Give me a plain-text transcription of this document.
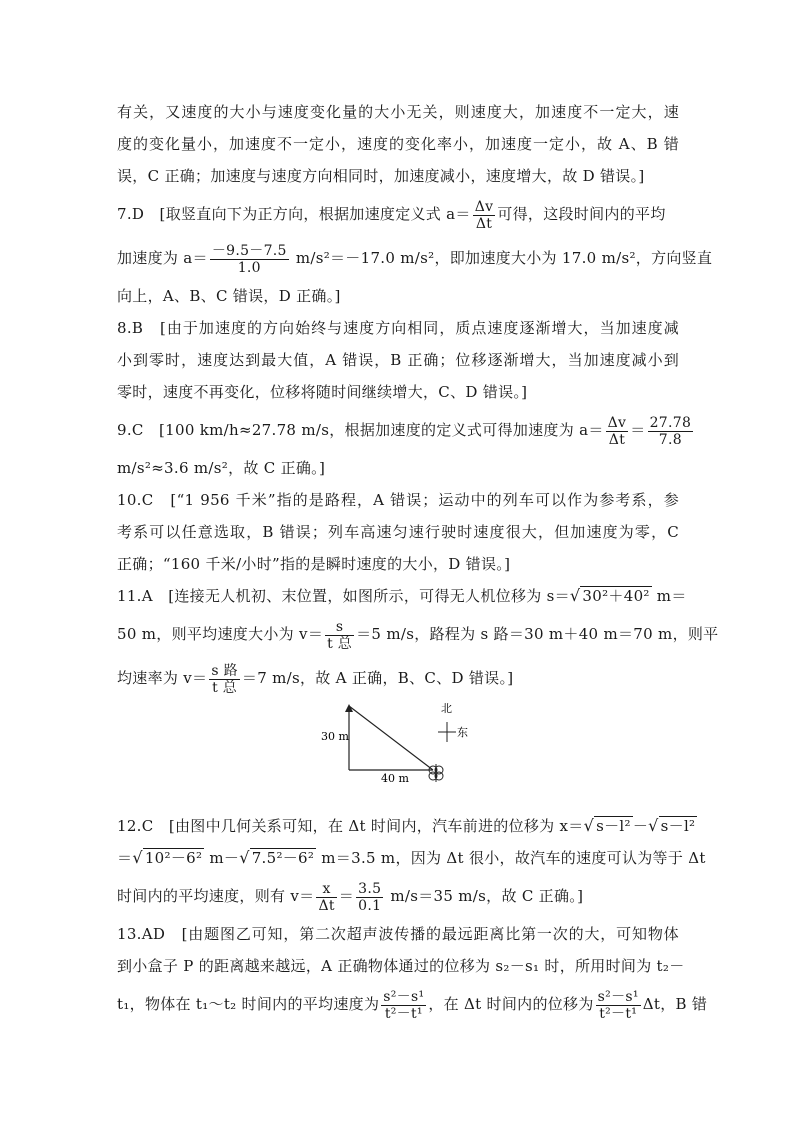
有关，又速度的大小与速度变化量的大小无关，则速度大，加速度不一定大，速
度的变化量小，加速度不一定小，速度的变化率小，加速度一定小，故 A、B 错
误，C 正确；加速度与速度方向相同时，加速度减小，速度增大，故 D 错误。]
7.D　[取竖直向下为正方向，根据加速度定义式 $a= \frac{\Delta v}{\Delta t}$ 可得，这段时间内的平均
加速度为 $a= \frac{-9.5-7.5}{1.0} m/s^2=-17.0$ m/s²，即加速度大小为 17.0 m/s²，方向竖直
向上，A、B、C 错误，D 正确。]
8.B　[由于加速度的方向始终与速度方向相同，质点速度逐渐增大，当加速度减
小到零时，速度达到最大值，A 错误，B 正确；位移逐渐增大，当加速度减小到
零时，速度不再变化，位移将随时间继续增大，C、D 错误。]
9.C　[100 km/h≈27.78 m/s，根据加速度的定义式可得加速度为 $a= \frac{\Delta v}{\Delta t} = \frac{27.78}{7.8}$
m/s²≈3.6 m/s²，故 C 正确。]
10.C　[“1 956 千米”指的是路程，A 错误；运动中的列车可以作为参考系，参
考系可以任意选取，B 错误；列车高速匀速行驶时速度很大，但加速度为零，C
正确；“160 千米/小时”指的是瞬时速度的大小，D 错误。]
11.A　[连接无人机初、末位置，如图所示，可得无人机位移为 s＝√ 30²＋40² m＝
50 m，则平均速度大小为 $v= \frac{s}{\text{t 总}} =5$ m/s，路程为 s 路＝30 m＋40 m＝70 m，则平
均速率为 $v= \frac{\text{s 路}}{\text{t 总}} =7$ m/s，故 A 正确，B、C、D 错误。]
30 m
40 m
北
东
12.C　[由图中几何关系可知，在 Δt 时间内，汽车前进的位移为 x＝√ s－l² －√ s－l²
＝√ 10²－6² m－√ 7.5²－6² m＝3.5 m，因为 Δt 很小，故汽车的速度可认为等于 Δt
时间内的平均速度，则有 $v= \frac{x}{\Delta t} = \frac{3.5}{0.1} m/s=35$ m/s，故 C 正确。]
13.AD　[由题图乙可知，第二次超声波传播的最远距离比第一次的大，可知物体
到小盒子 P 的距离越来越远，A 正确物体通过的位移为 s₂－s₁ 时，所用时间为 t₂－
t₁，物体在 t₁～t₂ 时间内的平均速度为 $\frac{\text{s²－s¹}}{\text{t²－t¹}}$ ，在 Δt 时间内的位移为 $\frac{\text{s²－s¹}}{\text{t²－t¹}}$ Δt，B 错
